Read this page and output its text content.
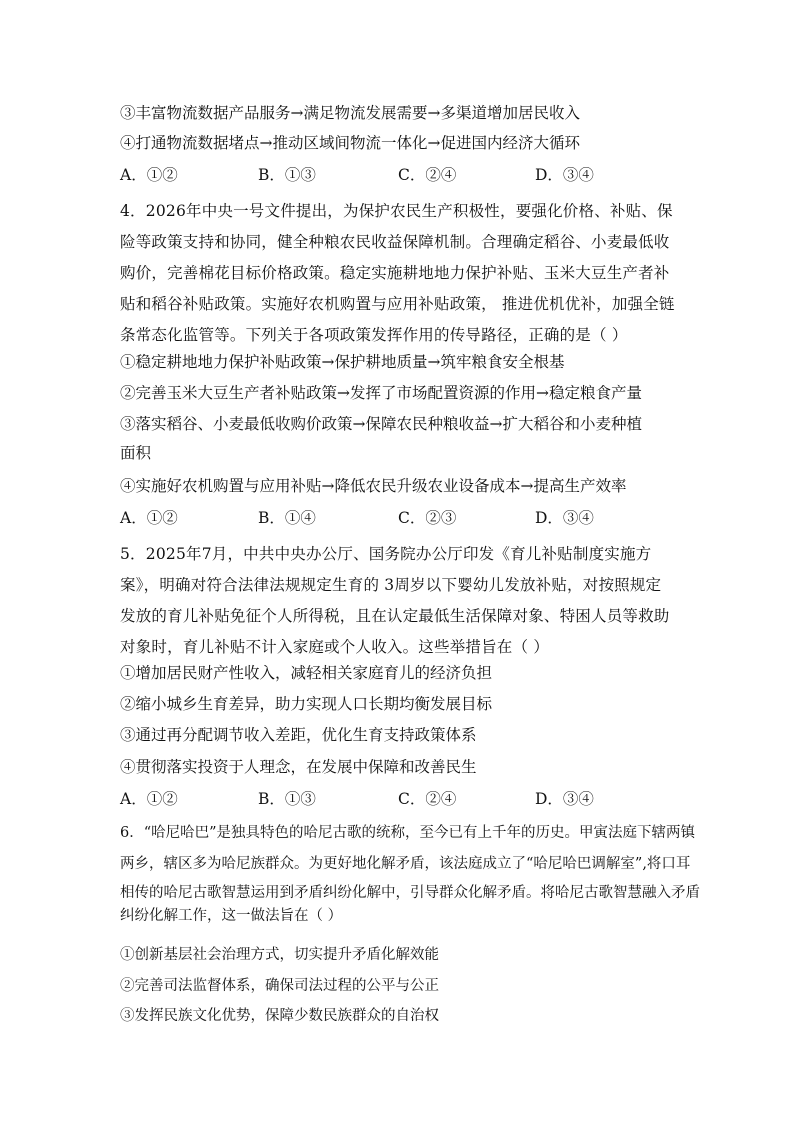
③丰富物流数据产品服务→满足物流发展需要→多渠道增加居民收入
④打通物流数据堵点→推动区域间物流一体化→促进国内经济大循环
A．①②	B．①③	C．②④	D．③④
4．2026年中央一号文件提出，为保护农民生产积极性，要强化价格、补贴、保
险等政策支持和协同，健全种粮农民收益保障机制。合理确定稻谷、小麦最低收
购价，完善棉花目标价格政策。稳定实施耕地地力保护补贴、玉米大豆生产者补
贴和稻谷补贴政策。实施好农机购置与应用补贴政策， 推进优机优补，加强全链
条常态化监管等。下列关于各项政策发挥作用的传导路径，正确的是（ ）
①稳定耕地地力保护补贴政策→保护耕地质量→筑牢粮食安全根基
②完善玉米大豆生产者补贴政策→发挥了市场配置资源的作用→稳定粮食产量
③落实稻谷、小麦最低收购价政策→保障农民种粮收益→扩大稻谷和小麦种植
面积
④实施好农机购置与应用补贴→降低农民升级农业设备成本→提高生产效率
A．①②	B．①④	C．②③	D．③④
5．2025年7月，中共中央办公厅、国务院办公厅印发《育儿补贴制度实施方
案》，明确对符合法律法规规定生育的 3周岁以下婴幼儿发放补贴，对按照规定
发放的育儿补贴免征个人所得税，且在认定最低生活保障对象、特困人员等救助
对象时，育儿补贴不计入家庭或个人收入。这些举措旨在（ ）
①增加居民财产性收入，减轻相关家庭育儿的经济负担
②缩小城乡生育差异，助力实现人口长期均衡发展目标
③通过再分配调节收入差距，优化生育支持政策体系
④贯彻落实投资于人理念，在发展中保障和改善民生
A．①②	B．①③	C．②④	D．③④
6．“哈尼哈巴”是独具特色的哈尼古歌的统称，至今已有上千年的历史。甲寅法庭下辖两镇
两乡，辖区多为哈尼族群众。为更好地化解矛盾，该法庭成立了“哈尼哈巴调解室”,将口耳
相传的哈尼古歌智慧运用到矛盾纠纷化解中，引导群众化解矛盾。将哈尼古歌智慧融入矛盾
纠纷化解工作，这一做法旨在（ ）
①创新基层社会治理方式，切实提升矛盾化解效能
②完善司法监督体系，确保司法过程的公平与公正
③发挥民族文化优势，保障少数民族群众的自治权
